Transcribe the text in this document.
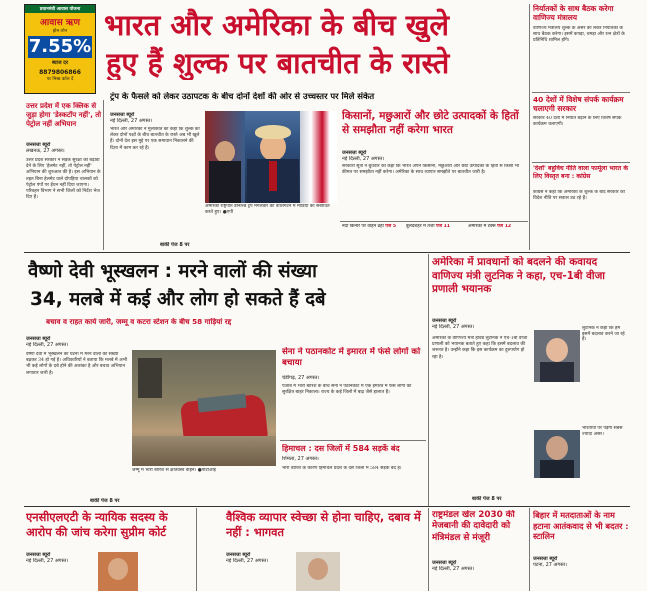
प्रधानमंत्री आवास योजना
आवास ऋण
होम लोन
7.55%
ब्याज दर
8879806866
पर मिस्ड कॉल दें
भारत और अमेरिका के बीच खुले
हुए हैं शुल्क पर बातचीत के रास्ते
ट्रंप के फैसले को लेकर उठापटक के बीच दोनों देशों की ओर से उच्चस्तर पर मिले संकेत
उत्तर प्रदेश में एक क्लिक से जुड़ा होगा 'डेस्कटॉप नहीं', तो पेट्रोल नहीं अभियान
जनसत्ता ब्यूरो
लखनऊ, 27 अगस्त।
उत्तर प्रदेश सरकार ने सड़क सुरक्षा को बढ़ावा देने के लिए 'हेलमेट नहीं, तो पेट्रोल नहीं' अभियान की शुरुआत की है। इस अभियान के तहत बिना हेलमेट वाले दोपहिया चालकों को पेट्रोल पंपों पर ईंधन नहीं दिया जाएगा। परिवहन विभाग ने सभी जिलों को निर्देश भेज दिए हैं।
अमेरिकी राष्ट्रपति डोनाल्ड ट्रंप मंगलवार को वॉशिंगटन में मीडिया को संबोधित करते हुए। ●एपी
जनसत्ता ब्यूरो
नई दिल्ली, 27 अगस्त।
भारत और अमेरिका ने मुलाकात को कहा कि शुल्क को लेकर दोनों पक्षों के बीच बातचीत के रास्ते अब भी खुले हैं। दोनों देश इस मुद्दे पर एक समाधान निकालने की दिशा में काम कर रहे हैं।
किसानों, मछुआरों और छोटे उत्पादकों के हितों से समझौता नहीं करेगा भारत
जनसत्ता ब्यूरो
नई दिल्ली, 27 अगस्त।
सरकारी सूत्रों ने बुधवार को कहा कि भारत अपने किसानों, मछुआरों और छोटे उत्पादकों के हितों से किसी भी कीमत पर समझौता नहीं करेगा। अमेरिका के साथ व्यापार समझौते पर बातचीत जारी है।
बाकी पेज 8 पर
नदी किनारे पर वाहन ढहा पेज 5	बुलंदशहर में तेजी पेज 11	अमेरिका में टैक्स पेज 12
निर्यातकों के साथ बैठक करेगा वाणिज्य मंत्रालय
वाणिज्य मंत्रालय शुल्क के असर को लेकर निर्यातकों के साथ बैठक करेगा। इसमें कपड़ा, चमड़ा और रत्न क्षेत्रों के प्रतिनिधि शामिल होंगे।
40 देशों में विशेष संपर्क कार्यक्रम चलाएगी सरकार
सरकार 40 देशों में निर्यात बढ़ाने के लिए विशेष संपर्क कार्यक्रम चलाएगी।
'देशों' बहुविध नीति वाला फार्मूला भारत के लिए विस्तृत बना : कांग्रेस
कांग्रेस ने कहा कि अमेरिका के शुल्क के बाद सरकार की विदेश नीति पर सवाल उठ रहे हैं।
वैष्णो देवी भूस्खलन : मरने वालों की संख्या
34, मलबे में कई और लोग हो सकते हैं दबे
बचाव व राहत कार्य जारी, जम्मू व कटरा स्टेशन के बीच 58 गाड़ियां रद्द
जनसत्ता ब्यूरो
नई दिल्ली, 27 अगस्त।
वैष्णो देवी में भूस्खलन की घटना में मरने वालों की संख्या बढ़कर 34 हो गई है। अधिकारियों ने बताया कि मलबे में अभी भी कई लोगों के दबे होने की आशंका है और बचाव अभियान लगातार जारी है।
बाकी पेज 8 पर
जम्मू में भारी बारिश से क्षतिग्रस्त वाहन। ●पीटीआई
सेना ने पठानकोट में इमारत में फंसे लोगों को बचाया
चंडीगढ़, 27 अगस्त।
पंजाब में भारी बारिश के बीच सेना ने पठानकोट में एक इमारत में फंसे लोगों को सुरक्षित बाहर निकाला। राज्य के कई जिलों में बाढ़ जैसे हालात हैं।
हिमाचल : दस जिलों में 584 सड़कें बंद
शिमला, 27 अगस्त।
भारी बारिश के कारण हिमाचल प्रदेश के दस जिलों में 584 सड़कें बंद हैं।
अमेरिका में प्रावधानों को बदलने की कवायद वाणिज्य मंत्री लुटनिक ने कहा, एच-1बी वीजा प्रणाली भयानक
जनसत्ता ब्यूरो
नई दिल्ली, 27 अगस्त।
अमेरिका के वाणिज्य मंत्री हावर्ड लुटनिक ने एच-1बी वीजा प्रणाली को भयानक बताते हुए कहा कि इसमें बदलाव की जरूरत है। उन्होंने कहा कि इस कार्यक्रम का दुरुपयोग हो रहा है।
बाकी पेज 8 पर
लुटनिक ने कहा कि हम इसमें बदलाव करने जा रहे हैं।
भारतीयों पर पड़ेगा सबसे ज्यादा असर।
एनसीएलएटी के न्यायिक सदस्य के आरोप की जांच करेगा सुप्रीम कोर्ट
जनसत्ता ब्यूरो
नई दिल्ली, 27 अगस्त।
वैश्विक व्यापार स्वेच्छा से होना चाहिए, दबाव में नहीं : भागवत
जनसत्ता ब्यूरो
नई दिल्ली, 27 अगस्त।
राष्ट्रमंडल खेल 2030 की मेजबानी की दावेदारी को मंत्रिमंडल से मंजूरी
जनसत्ता ब्यूरो
नई दिल्ली, 27 अगस्त।
बिहार में मतदाताओं के नाम हटाना आतंकवाद से भी बदतर : स्टालिन
जनसत्ता ब्यूरो
पटना, 27 अगस्त।
